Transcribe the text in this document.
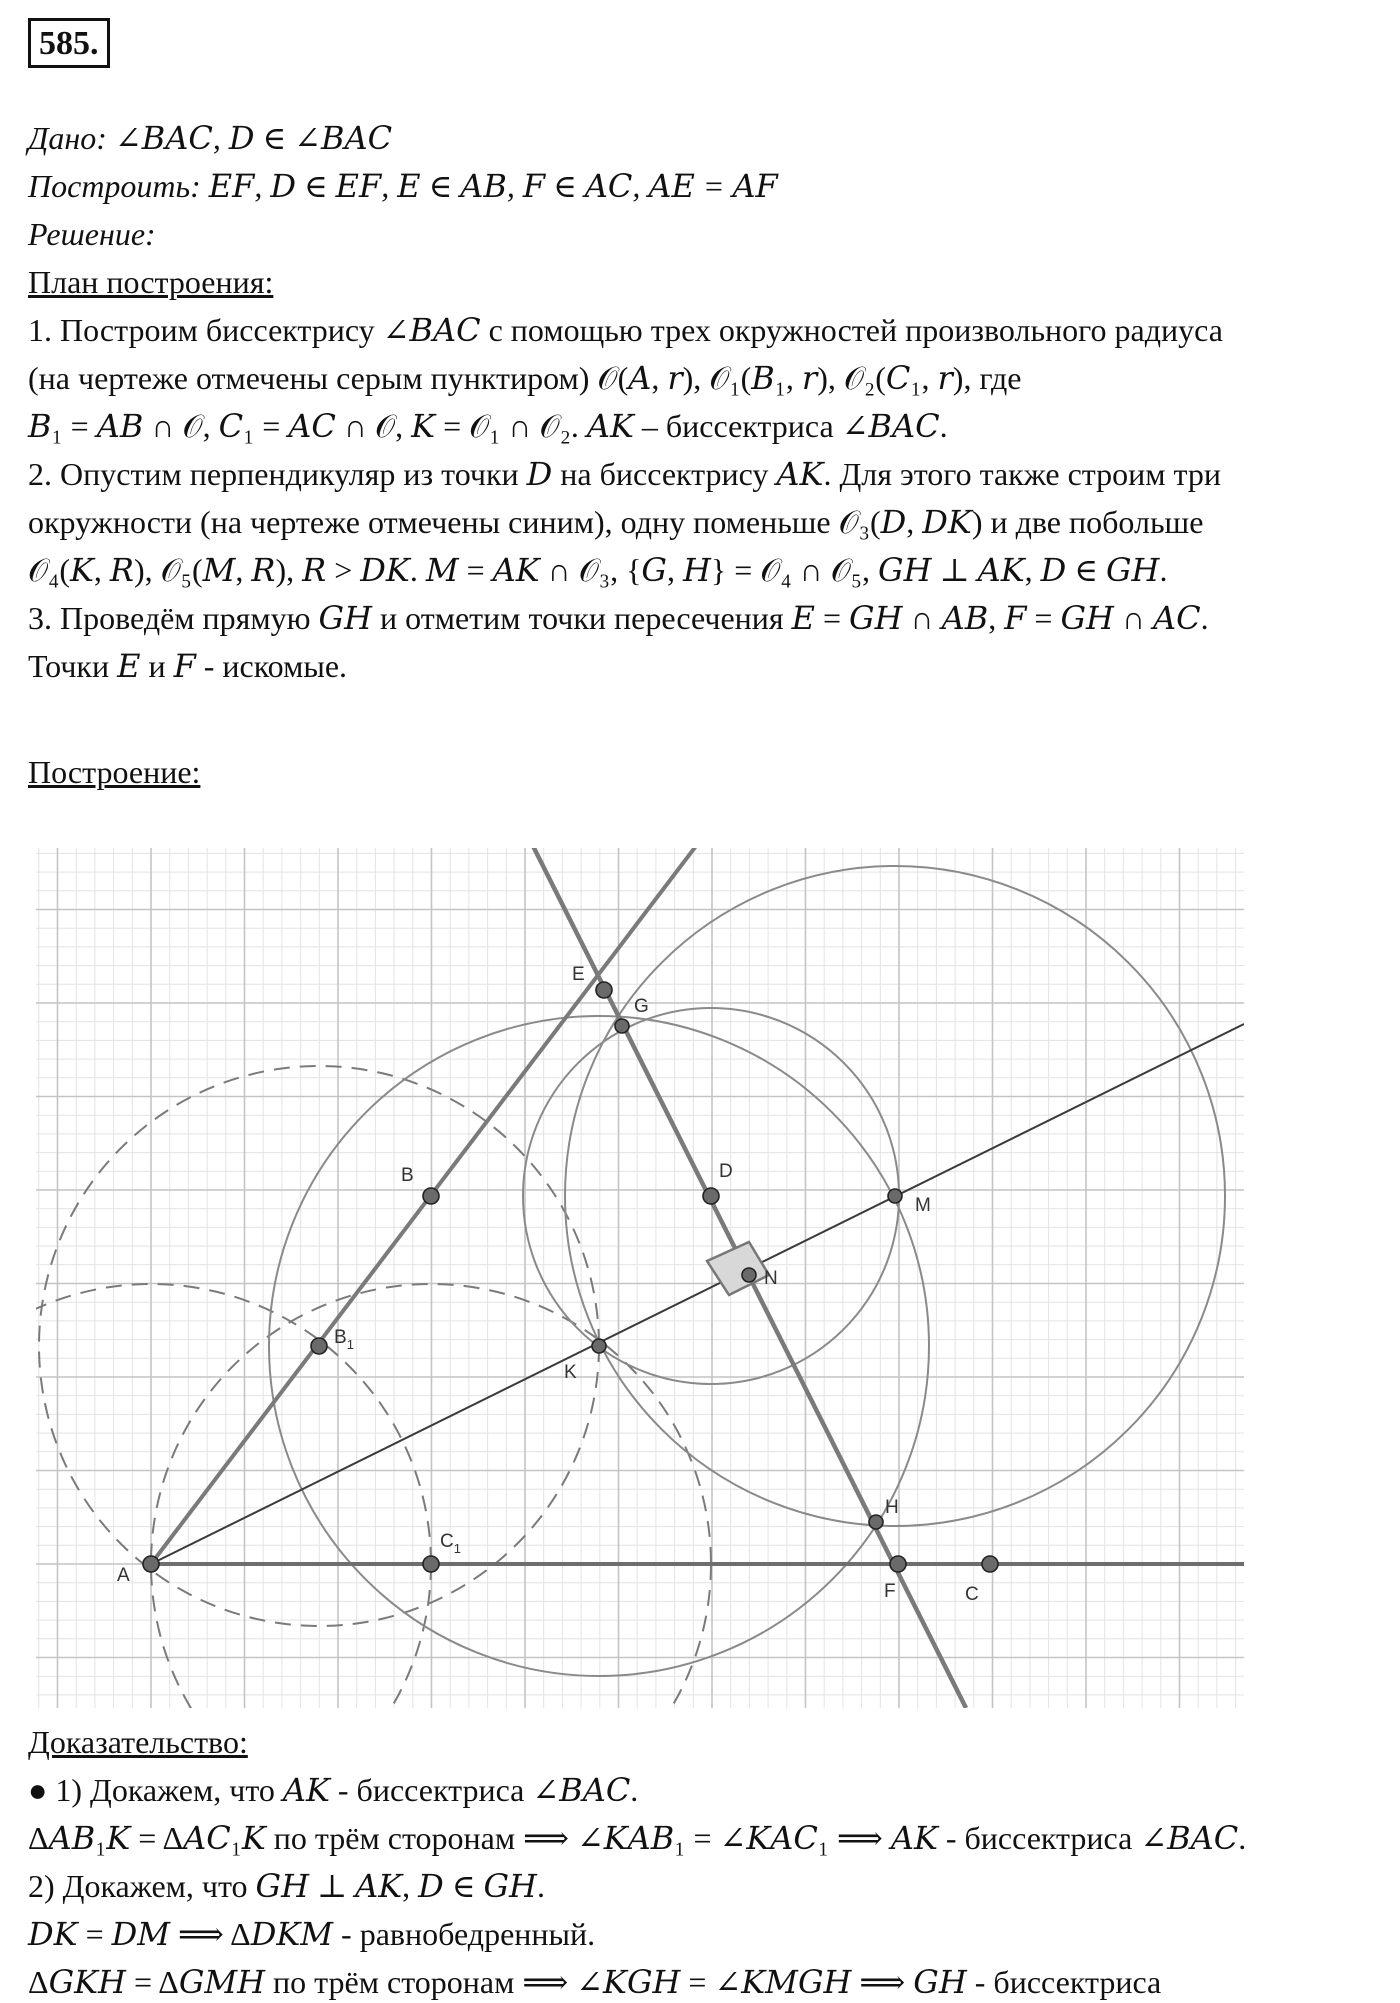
585.
Дано: ∠𝐵𝐴𝐶, 𝐷 ∈ ∠𝐵𝐴𝐶
Построить: 𝐸𝐹, 𝐷 ∈ 𝐸𝐹, 𝐸 ∈ 𝐴𝐵, 𝐹 ∈ 𝐴𝐶, 𝐴𝐸 = 𝐴𝐹
Решение:
План построения:
1. Построим биссектрису ∠𝐵𝐴𝐶 с помощью трех окружностей произвольного радиуса
(на чертеже отмечены серым пунктиром) 𝒪(𝐴, 𝑟), 𝒪₁(𝐵₁, 𝑟), 𝒪₂(𝐶₁, 𝑟), где
𝐵₁ = 𝐴𝐵 ∩ 𝒪, 𝐶₁ = 𝐴𝐶 ∩ 𝒪, 𝐾 = 𝒪₁ ∩ 𝒪₂. 𝐴𝐾 – биссектриса ∠𝐵𝐴𝐶.
2. Опустим перпендикуляр из точки 𝐷 на биссектрису 𝐴𝐾. Для этого также строим три
окружности (на чертеже отмечены синим), одну поменьше 𝒪₃(𝐷, 𝐷𝐾) и две побольше
𝒪₄(𝐾, 𝑅), 𝒪₅(𝑀, 𝑅), 𝑅 > 𝐷𝐾. 𝑀 = 𝐴𝐾 ∩ 𝒪₃, {𝐺, 𝐻} = 𝒪₄ ∩ 𝒪₅, 𝐺𝐻 ⊥ 𝐴𝐾, 𝐷 ∈ 𝐺𝐻.
3. Проведём прямую 𝐺𝐻 и отметим точки пересечения 𝐸 = 𝐺𝐻 ∩ 𝐴𝐵, 𝐹 = 𝐺𝐻 ∩ 𝐴𝐶.
Точки 𝐸 и 𝐹 - искомые.
Построение:
A
B
$B_1$
C
$C_1$
D
E
F
G
H
K
M
N
Доказательство:
● 1) Докажем, что 𝐴𝐾 - биссектриса ∠𝐵𝐴𝐶.
Δ𝐴𝐵₁𝐾 = Δ𝐴𝐶₁𝐾 по трём сторонам ⟹ ∠𝐾𝐴𝐵₁ = ∠𝐾𝐴𝐶₁ ⟹ 𝐴𝐾 - биссектриса ∠𝐵𝐴𝐶.
2) Докажем, что 𝐺𝐻 ⊥ 𝐴𝐾, 𝐷 ∈ 𝐺𝐻.
𝐷𝐾 = 𝐷𝑀 ⟹ Δ𝐷𝐾𝑀 - равнобедренный.
Δ𝐺𝐾𝐻 = Δ𝐺𝑀𝐻 по трём сторонам ⟹ ∠𝐾𝐺𝐻 = ∠𝐾𝑀𝐺𝐻 ⟹ 𝐺𝐻 - биссектриса
